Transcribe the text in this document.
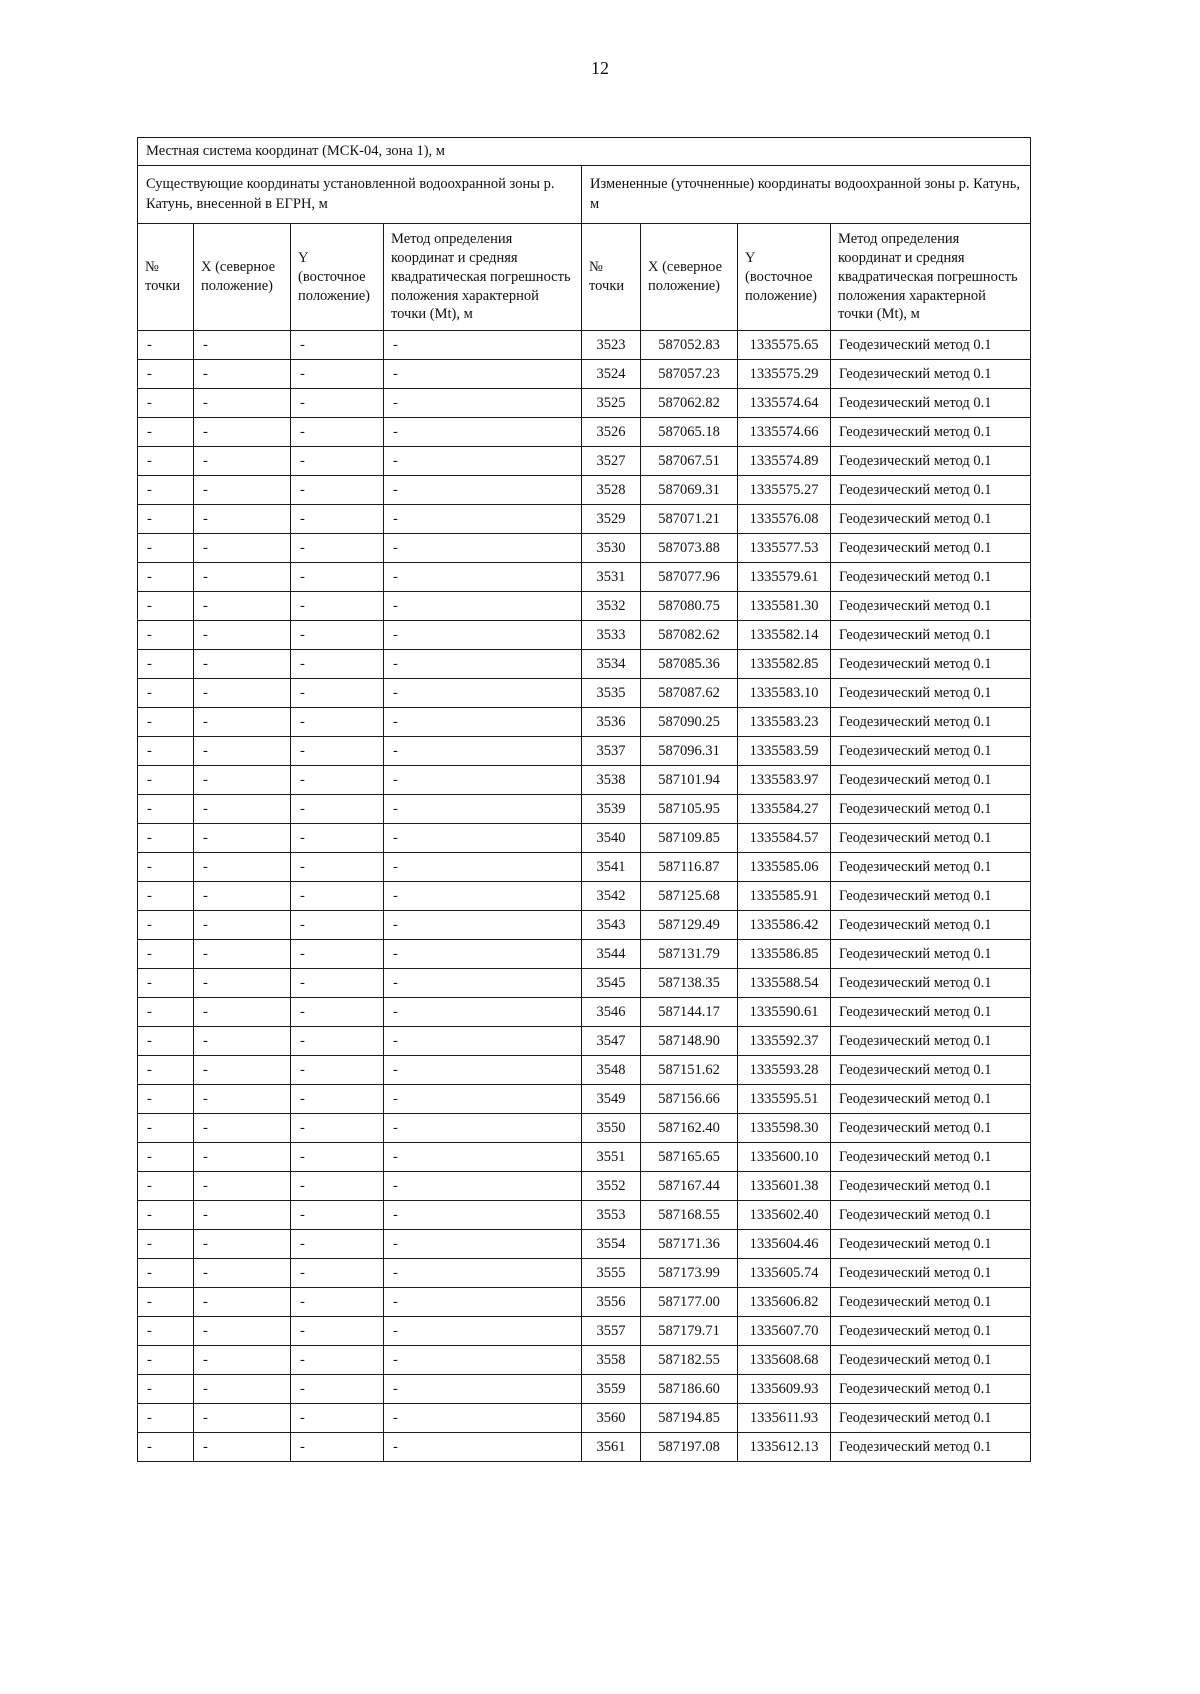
12
Местная система координат (МСК-04, зона 1), м							
Существующие координаты установленной водоохранной зоны р. Катунь, внесенной в ЕГРН, м				Измененные (уточненные) координаты водоохранной зоны р. Катунь, м			
№ точки	X (северное положение)	Y (восточное положение)	Метод определения координат и средняя квадратическая погрешность положения характерной точки (Mt), м	№ точки	X (северное положение)	Y (восточное положение)	Метод определения координат и средняя квадратическая погрешность положения характерной точки (Mt), м
-	-	-	-	3523	587052.83	1335575.65	Геодезический метод 0.1
-	-	-	-	3524	587057.23	1335575.29	Геодезический метод 0.1
-	-	-	-	3525	587062.82	1335574.64	Геодезический метод 0.1
-	-	-	-	3526	587065.18	1335574.66	Геодезический метод 0.1
-	-	-	-	3527	587067.51	1335574.89	Геодезический метод 0.1
-	-	-	-	3528	587069.31	1335575.27	Геодезический метод 0.1
-	-	-	-	3529	587071.21	1335576.08	Геодезический метод 0.1
-	-	-	-	3530	587073.88	1335577.53	Геодезический метод 0.1
-	-	-	-	3531	587077.96	1335579.61	Геодезический метод 0.1
-	-	-	-	3532	587080.75	1335581.30	Геодезический метод 0.1
-	-	-	-	3533	587082.62	1335582.14	Геодезический метод 0.1
-	-	-	-	3534	587085.36	1335582.85	Геодезический метод 0.1
-	-	-	-	3535	587087.62	1335583.10	Геодезический метод 0.1
-	-	-	-	3536	587090.25	1335583.23	Геодезический метод 0.1
-	-	-	-	3537	587096.31	1335583.59	Геодезический метод 0.1
-	-	-	-	3538	587101.94	1335583.97	Геодезический метод 0.1
-	-	-	-	3539	587105.95	1335584.27	Геодезический метод 0.1
-	-	-	-	3540	587109.85	1335584.57	Геодезический метод 0.1
-	-	-	-	3541	587116.87	1335585.06	Геодезический метод 0.1
-	-	-	-	3542	587125.68	1335585.91	Геодезический метод 0.1
-	-	-	-	3543	587129.49	1335586.42	Геодезический метод 0.1
-	-	-	-	3544	587131.79	1335586.85	Геодезический метод 0.1
-	-	-	-	3545	587138.35	1335588.54	Геодезический метод 0.1
-	-	-	-	3546	587144.17	1335590.61	Геодезический метод 0.1
-	-	-	-	3547	587148.90	1335592.37	Геодезический метод 0.1
-	-	-	-	3548	587151.62	1335593.28	Геодезический метод 0.1
-	-	-	-	3549	587156.66	1335595.51	Геодезический метод 0.1
-	-	-	-	3550	587162.40	1335598.30	Геодезический метод 0.1
-	-	-	-	3551	587165.65	1335600.10	Геодезический метод 0.1
-	-	-	-	3552	587167.44	1335601.38	Геодезический метод 0.1
-	-	-	-	3553	587168.55	1335602.40	Геодезический метод 0.1
-	-	-	-	3554	587171.36	1335604.46	Геодезический метод 0.1
-	-	-	-	3555	587173.99	1335605.74	Геодезический метод 0.1
-	-	-	-	3556	587177.00	1335606.82	Геодезический метод 0.1
-	-	-	-	3557	587179.71	1335607.70	Геодезический метод 0.1
-	-	-	-	3558	587182.55	1335608.68	Геодезический метод 0.1
-	-	-	-	3559	587186.60	1335609.93	Геодезический метод 0.1
-	-	-	-	3560	587194.85	1335611.93	Геодезический метод 0.1
-	-	-	-	3561	587197.08	1335612.13	Геодезический метод 0.1
